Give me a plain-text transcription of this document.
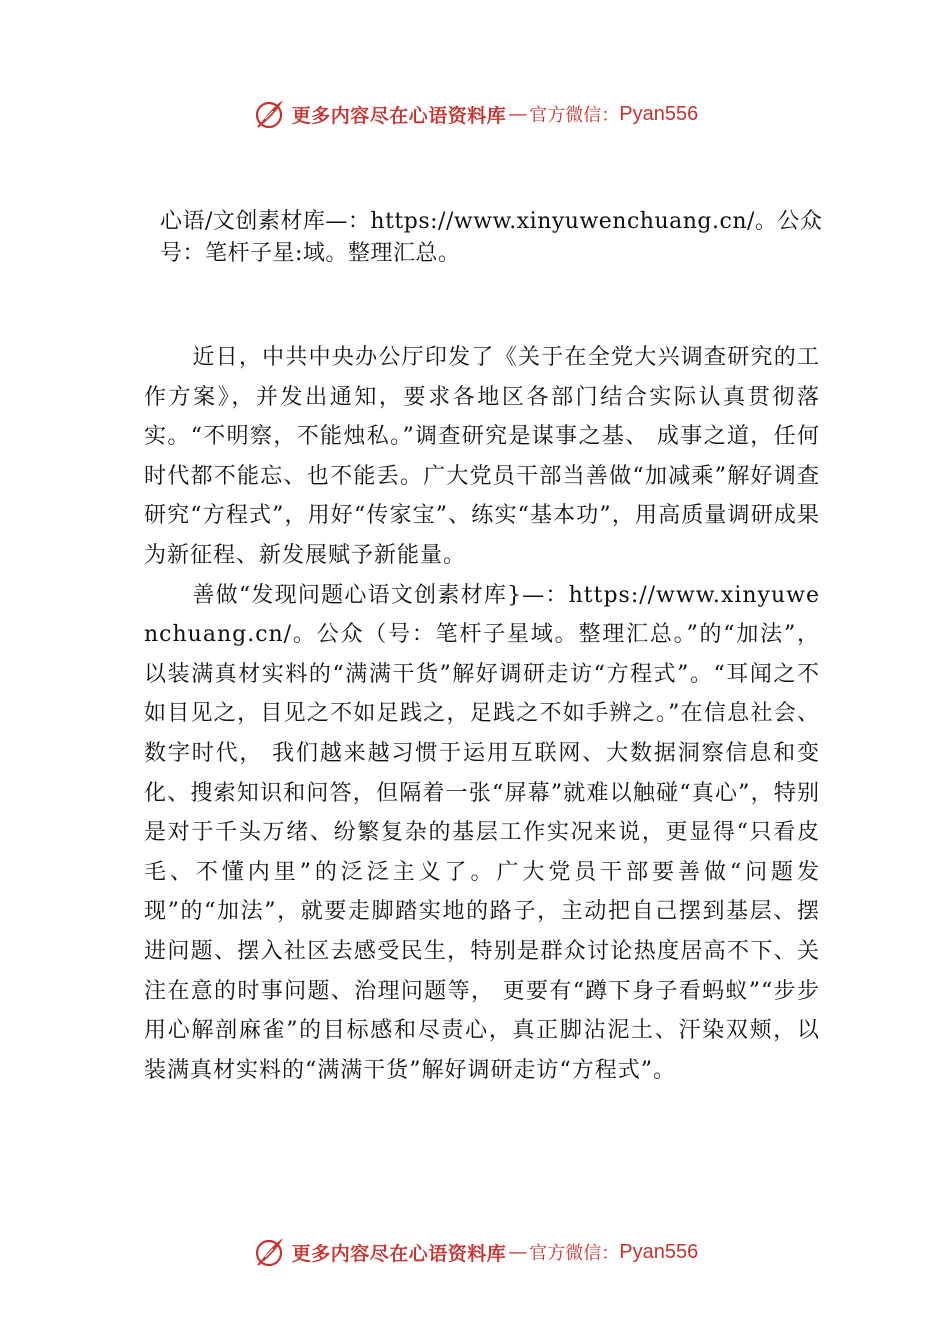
更多内容尽在心语资料库 — 官方微信： Pyan556
心语/文创素材库—：https://www.xinyuwenchuang.cn/。公众号：笔杆子星:域。整理汇总。

近日，中共中央办公厅印发了《关于在全党大兴调查研究的工作方案》，并发出通知，要求各地区各部门结合实际认真贯彻落实。“不明察，不能烛私。”调查研究是谋事之基、 成事之道，任何时代都不能忘、也不能丢。广大党员干部当善做“加减乘”解好调查研究“方程式”，用好“传家宝”、练实“基本功”，用高质量调研成果为新征程、新发展赋予新能量。

善做“发现问题心语文创素材库}—：https://www.xinyuwenchuang.cn/。公众（号：笔杆子星域。整理汇总。”的“加法”，以装满真材实料的“满满干货”解好调研走访“方程式”。“耳闻之不如目见之，目见之不如足践之，足践之不如手辨之。”在信息社会、数字时代， 我们越来越习惯于运用互联网、大数据洞察信息和变化、搜索知识和问答，但隔着一张“屏幕”就难以触碰“真心”，特别是对于千头万绪、纷繁复杂的基层工作实况来说，更显得“只看皮毛、不懂内里”的泛泛主义了。广大党员干部要善做“问题发现”的“加法”，就要走脚踏实地的路子，主动把自己摆到基层、摆进问题、摆入社区去感受民生，特别是群众讨论热度居高不下、关注在意的时事问题、治理问题等， 更要有“蹲下身子看蚂蚁”“步步用心解剖麻雀”的目标感和尽责心，真正脚沾泥土、汗染双颊，以装满真材实料的“满满干货”解好调研走访“方程式”。

更多内容尽在心语资料库 — 官方微信： Pyan556
